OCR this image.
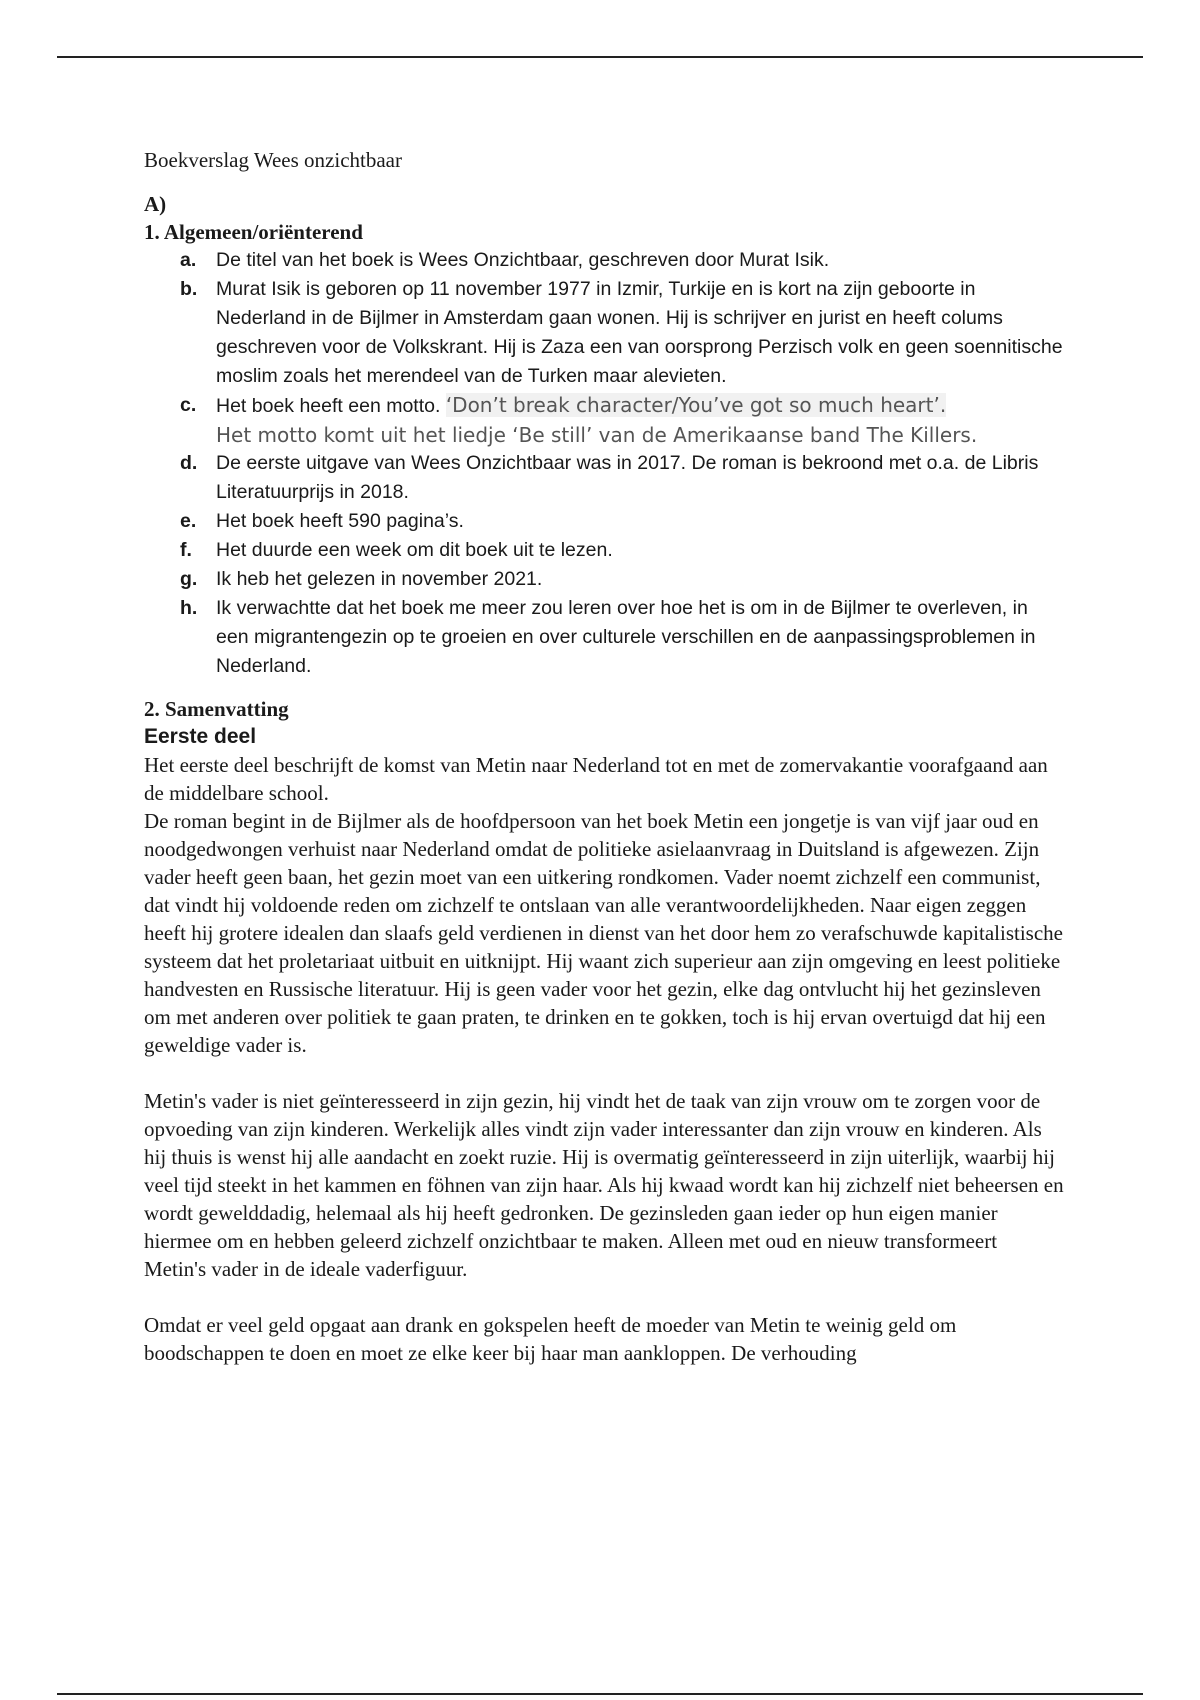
Boekverslag Wees onzichtbaar
A)
1. Algemeen/oriënterend
a. De titel van het boek is Wees Onzichtbaar, geschreven door Murat Isik.
b. Murat Isik is geboren op 11 november 1977 in Izmir, Turkije en is kort na zijn geboorte in Nederland in de Bijlmer in Amsterdam gaan wonen. Hij is schrijver en jurist en heeft colums geschreven voor de Volkskrant. Hij is Zaza een van oorsprong Perzisch volk en geen soennitische moslim zoals het merendeel van de Turken maar alevieten.
c. Het boek heeft een motto. ‘Don’t break character/You’ve got so much heart’.
Het motto komt uit het liedje ‘Be still’ van de Amerikaanse band The Killers.
d. De eerste uitgave van Wees Onzichtbaar was in 2017. De roman is bekroond met o.a. de Libris Literatuurprijs in 2018.
e. Het boek heeft 590 pagina’s.
f. Het duurde een week om dit boek uit te lezen.
g. Ik heb het gelezen in november 2021.
h. Ik verwachtte dat het boek me meer zou leren over hoe het is om in de Bijlmer te overleven, in een migrantengezin op te groeien en over culturele verschillen en de aanpassingsproblemen in Nederland.
2. Samenvatting
Eerste deel

Het eerste deel beschrijft de komst van Metin naar Nederland tot en met de zomervakantie voorafgaand aan de middelbare school.

De roman begint in de Bijlmer als de hoofdpersoon van het boek Metin een jongetje is van vijf jaar oud en noodgedwongen verhuist naar Nederland omdat de politieke asielaanvraag in Duitsland is afgewezen. Zijn vader heeft geen baan, het gezin moet van een uitkering rondkomen. Vader noemt zichzelf een communist, dat vindt hij voldoende reden om zichzelf te ontslaan van alle verantwoordelijkheden. Naar eigen zeggen heeft hij grotere idealen dan slaafs geld verdienen in dienst van het door hem zo verafschuwde kapitalistische systeem dat het proletariaat uitbuit en uitknijpt. Hij waant zich superieur aan zijn omgeving en leest politieke handvesten en Russische literatuur. Hij is geen vader voor het gezin, elke dag ontvlucht hij het gezinsleven om met anderen over politiek te gaan praten, te drinken en te gokken, toch is hij ervan overtuigd dat hij een geweldige vader is.

Metin's vader is niet geïnteresseerd in zijn gezin, hij vindt het de taak van zijn vrouw om te zorgen voor de opvoeding van zijn kinderen. Werkelijk alles vindt zijn vader interessanter dan zijn vrouw en kinderen. Als hij thuis is wenst hij alle aandacht en zoekt ruzie. Hij is overmatig geïnteresseerd in zijn uiterlijk, waarbij hij veel tijd steekt in het kammen en föhnen van zijn haar. Als hij kwaad wordt kan hij zichzelf niet beheersen en wordt gewelddadig, helemaal als hij heeft gedronken. De gezinsleden gaan ieder op hun eigen manier hiermee om en hebben geleerd zichzelf onzichtbaar te maken. Alleen met oud en nieuw transformeert Metin's vader in de ideale vaderfiguur.

Omdat er veel geld opgaat aan drank en gokspelen heeft de moeder van Metin te weinig geld om boodschappen te doen en moet ze elke keer bij haar man aankloppen. De verhouding
